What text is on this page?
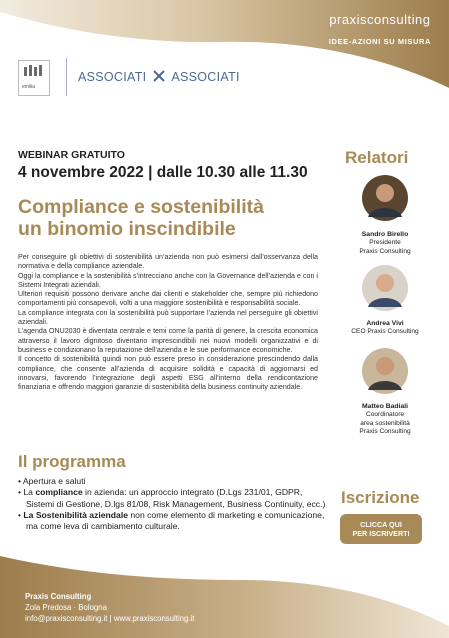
praxisconsulting
IDEE-AZIONI SU MISURA
emilia
ASSOCIATI ASSOCIATI
WEBINAR GRATUITO
4 novembre 2022 | dalle 10.30 alle 11.30
Compliance e sostenibilità
un binomio inscindibile

Per conseguire gli obiettivi di sostenibilità un’azienda non può esimersi dall’osservanza della normativa e della compliance aziendale.

Oggi la compliance e la sostenibilità s’intrecciano anche con la Governance dell’azienda e con i Sistemi Integrati aziendali.

Ulteriori requisiti possono derivare anche dai clienti e stakeholder che, sempre più richiedono comportamenti più consapevoli, volti a una maggiore sostenibilità e responsabilità sociale.

La compliance integrata con la sostenibilità può supportare l’azienda nel perseguire gli obiettivi aziendali.

L’agenda ONU2030 è diventata centrale e temi come la parità di genere, la crescita economica attraverso il lavoro dignitoso diventano imprescindibili nei nuovi modelli organizzativi e di business e condizionano la reputazione dell’azienda e le sue performance economiche.

Il concetto di sostenibilità quindi non può essere preso in considerazione prescindendo dalla compliance, che consente all’azienda di acquisire solidità e capacità di aggiornarsi ed innovarsi, favorendo l’integrazione degli aspetti ESG all’interno della rendicontazione finanziaria e offrendo maggiori garanzie di sostenibilità della business continuity aziendale.

Il programma
• Apertura e saluti
• La compliance in azienda: un approccio integrato (D.Lgs 231/01, GDPR, Sistemi di Gestione, D.lgs 81/08, Risk Management, Business Continuity, ecc.)
• La Sostenibilità aziendale non come elemento di marketing e comunicazione, ma come leva di cambiamento culturale.
Relatori
Sandro Birello
Presidente
Praxis Consulting
Andrea Vivi
CEO Praxis Consulting
Matteo Badiali
Coordinatore
area sostenibilità
Praxis Consulting
Iscrizione
CLICCA QUI
PER ISCRIVERTI
Praxis Consulting
Zola Predosa · Bologna
info@praxisconsulting.it | www.praxisconsulting.it
